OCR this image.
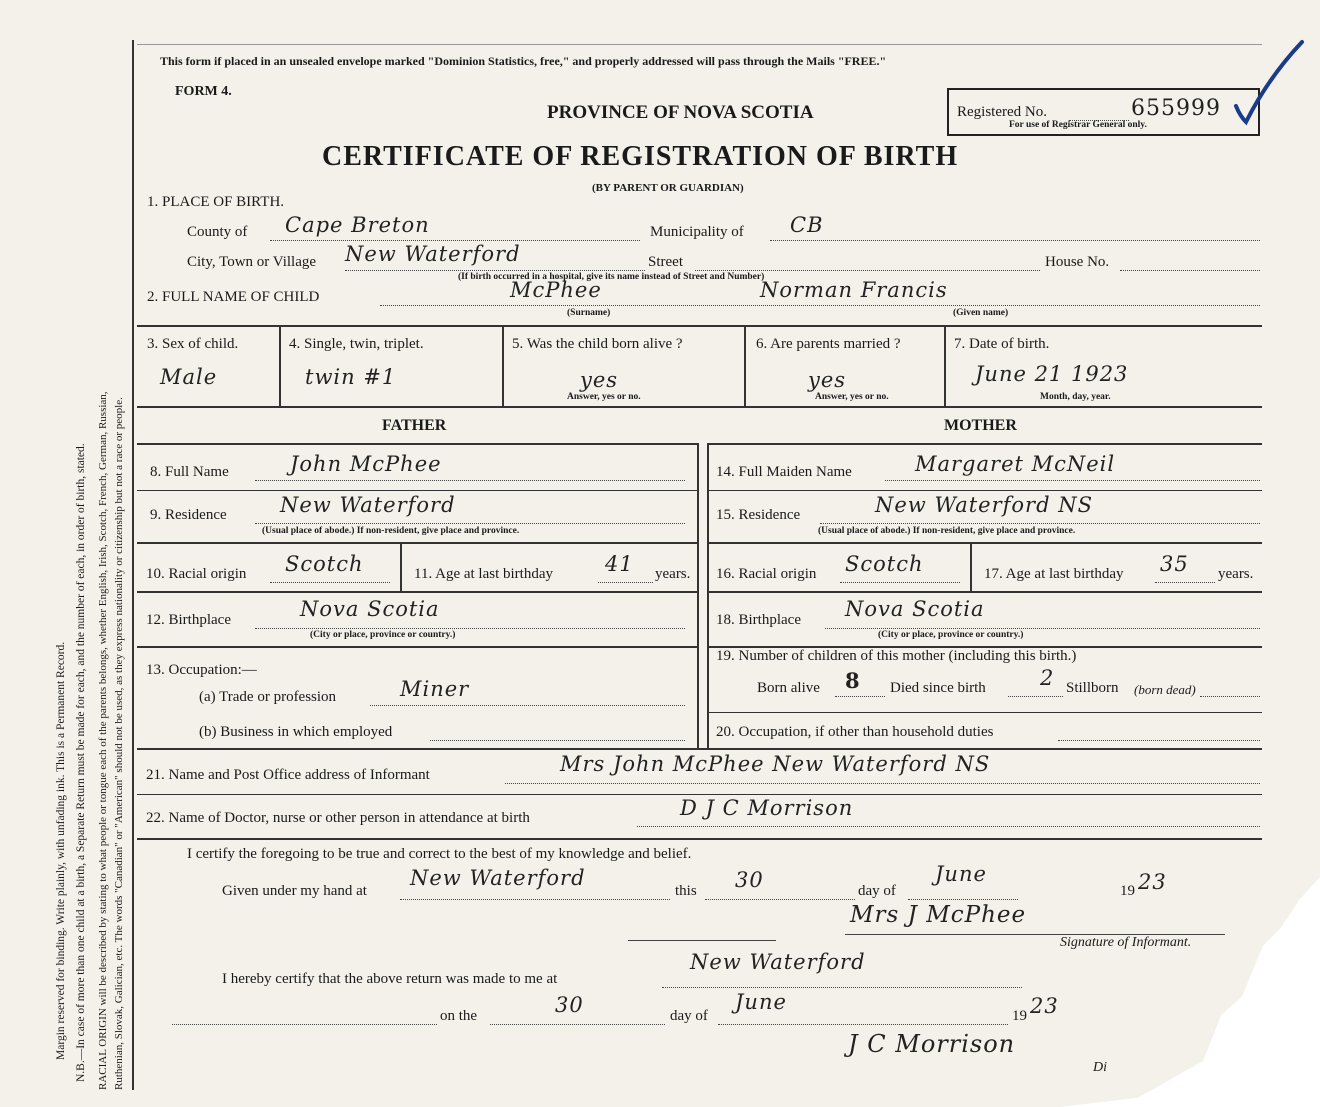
Margin reserved for binding. Write plainly, with unfading ink. This is a Permanent Record. N.B.—In case of more than one child at a birth, a Separate Return must be made for each, and the number of each, in order of birth, stated. RACIAL ORIGIN will be described by stating to what people or tongue each of the parents belongs, whether English, Irish, Scotch, French, German, Russian, Ruthenian, Slovak, Galician, etc. The words "Canadian" or "American" should not be used, as they express nationality or citizenship but not a race or people.
This form if placed in an unsealed envelope marked "Dominion Statistics, free," and properly addressed will pass through the Mails "FREE."
FORM 4.
PROVINCE OF NOVA SCOTIA
CERTIFICATE OF REGISTRATION OF BIRTH
(BY PARENT OR GUARDIAN)
Registered No.	655999
For use of Registrar General only.
1. PLACE OF BIRTH.
County of Cape Breton	Municipality of CB
City, Town or Village New Waterford	Street	House No.
(If birth occurred in a hospital, give its name instead of Street and Number)
2. FULL NAME OF CHILD	McPhee	Norman Francis
(Surname)	(Given name)
3. Sex of child.
Male
4. Single, twin, triplet.
twin #1
5. Was the child born alive ?
yes
Answer, yes or no.
6. Are parents married ?
yes
Answer, yes or no.
7. Date of birth.
June 21 1923
Month, day, year.
FATHER	MOTHER
8. Full Name	John McPhee
9. Residence	New Waterford
(Usual place of abode.) If non-resident, give place and province.
10. Racial origin Scotch	11. Age at last birthday 41 years.
12. Birthplace	Nova Scotia
(City or place, province or country.)
13. Occupation:—
(a) Trade or profession	Miner
(b) Business in which employed
14. Full Maiden Name	Margaret McNeil
15. Residence	New Waterford NS
(Usual place of abode.) If non-resident, give place and province.
16. Racial origin Scotch	17. Age at last birthday 35 years.
18. Birthplace Nova Scotia
(City or place, province or country.)
19. Number of children of this mother (including this birth.)
Born alive 8 Died since birth	2 Stillborn (born dead)
20. Occupation, if other than household duties
21. Name and Post Office address of Informant	Mrs John McPhee New Waterford NS
22. Name of Doctor, nurse or other person in attendance at birth	D J C Morrison
I certify the foregoing to be true and correct to the best of my knowledge and belief.
Given under my hand at
New Waterford
this 30	day of
June
19 23
Mrs J McPhee
Signature of Informant.
I hereby certify that the above return was made to me at
New Waterford
on the	30	day of
June
19 23
J C Morrison
Di
